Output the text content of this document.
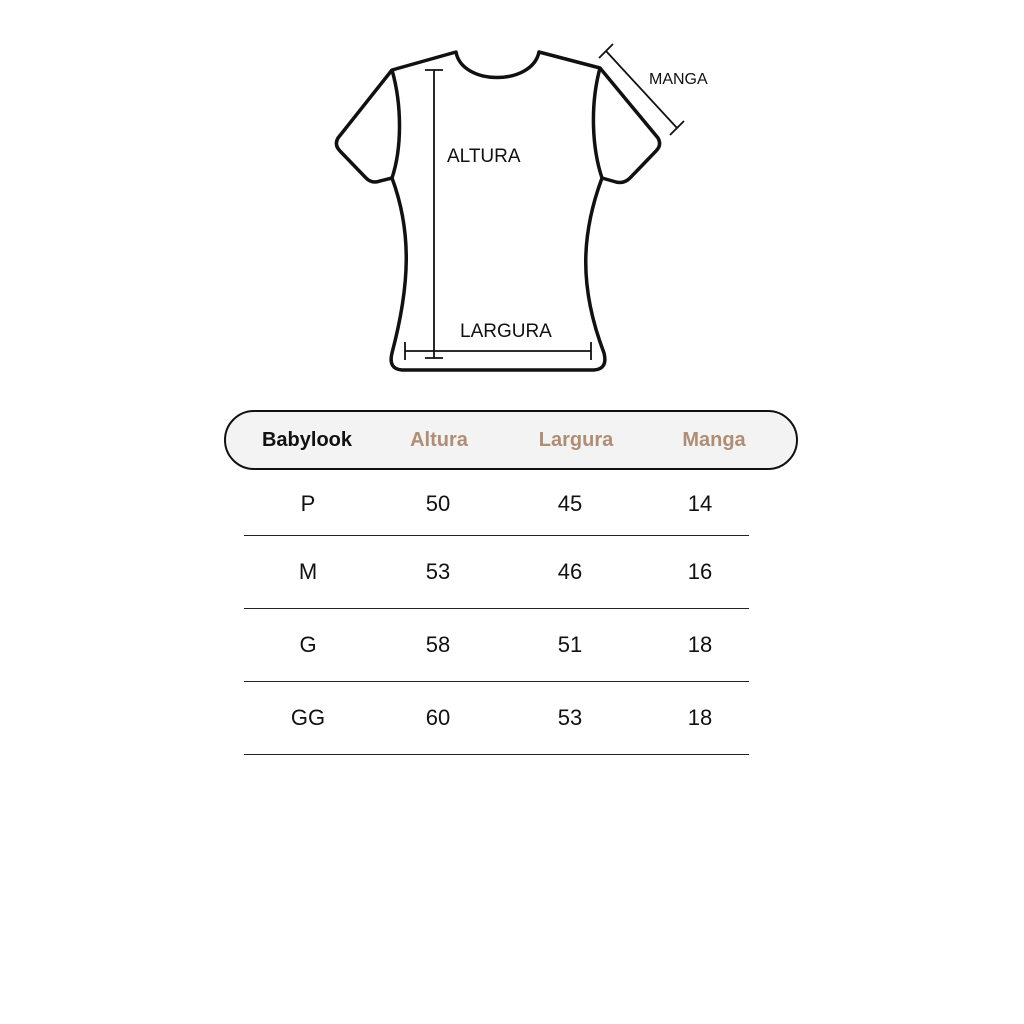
ALTURA
LARGURA
MANGA
Babylook	Altura	Largura	Manga
P	50	45	14
M	53	46	16
G	58	51	18
GG	60	53	18
